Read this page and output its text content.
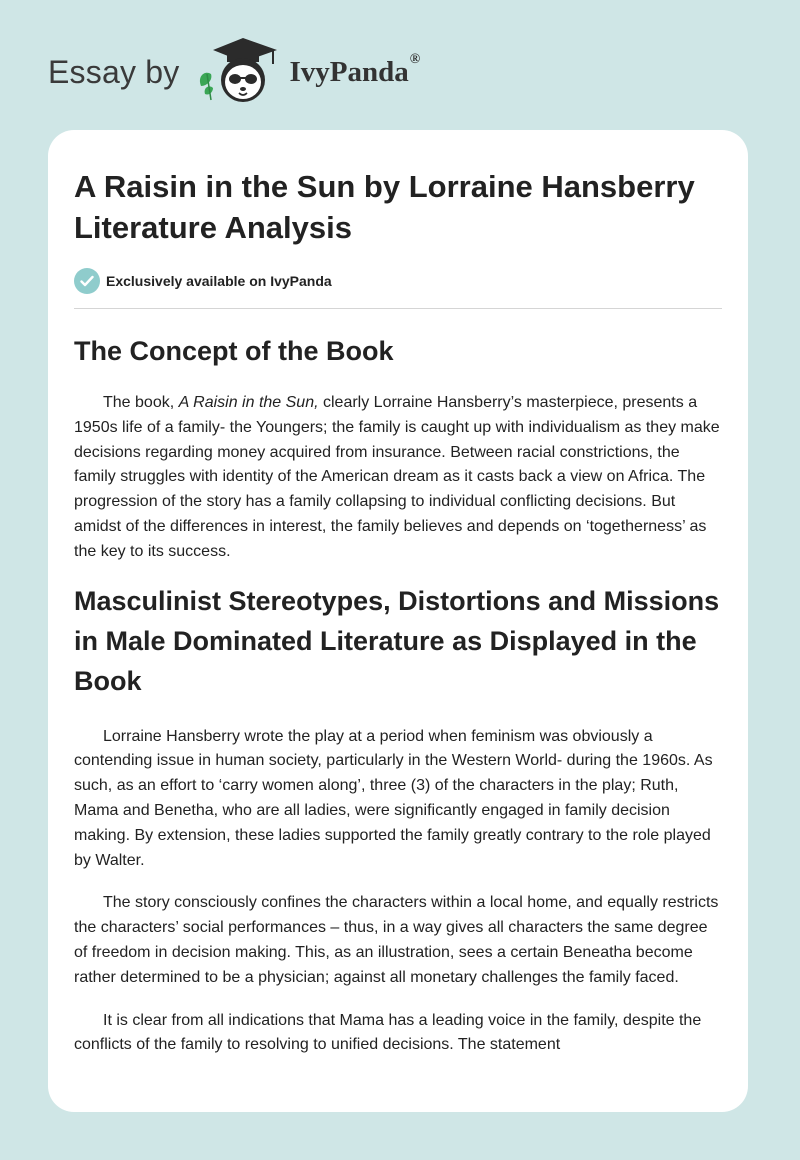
Essay by	IvyPanda®
A Raisin in the Sun by Lorraine Hansberry Literature Analysis
Exclusively available on IvyPanda
The Concept of the Book

The book, A Raisin in the Sun, clearly Lorraine Hansberry’s masterpiece, presents a 1950s life of a family- the Youngers; the family is caught up with individualism as they make decisions regarding money acquired from insurance. Between racial constrictions, the family struggles with identity of the American dream as it casts back a view on Africa. The progression of the story has a family collapsing to individual conflicting decisions. But amidst of the differences in interest, the family believes and depends on ‘togetherness’ as the key to its success.

Masculinist Stereotypes, Distortions and Missions in Male Dominated Literature as Displayed in the Book

Lorraine Hansberry wrote the play at a period when feminism was obviously a contending issue in human society, particularly in the Western World- during the 1960s. As such, as an effort to ‘carry women along’, three (3) of the characters in the play; Ruth, Mama and Benetha, who are all ladies, were significantly engaged in family decision making. By extension, these ladies supported the family greatly contrary to the role played by Walter.

The story consciously confines the characters within a local home, and equally restricts the characters’ social performances – thus, in a way gives all characters the same degree of freedom in decision making. This, as an illustration, sees a certain Beneatha become rather determined to be a physician; against all monetary challenges the family faced.

It is clear from all indications that Mama has a leading voice in the family, despite the conflicts of the family to resolving to unified decisions. The statement
